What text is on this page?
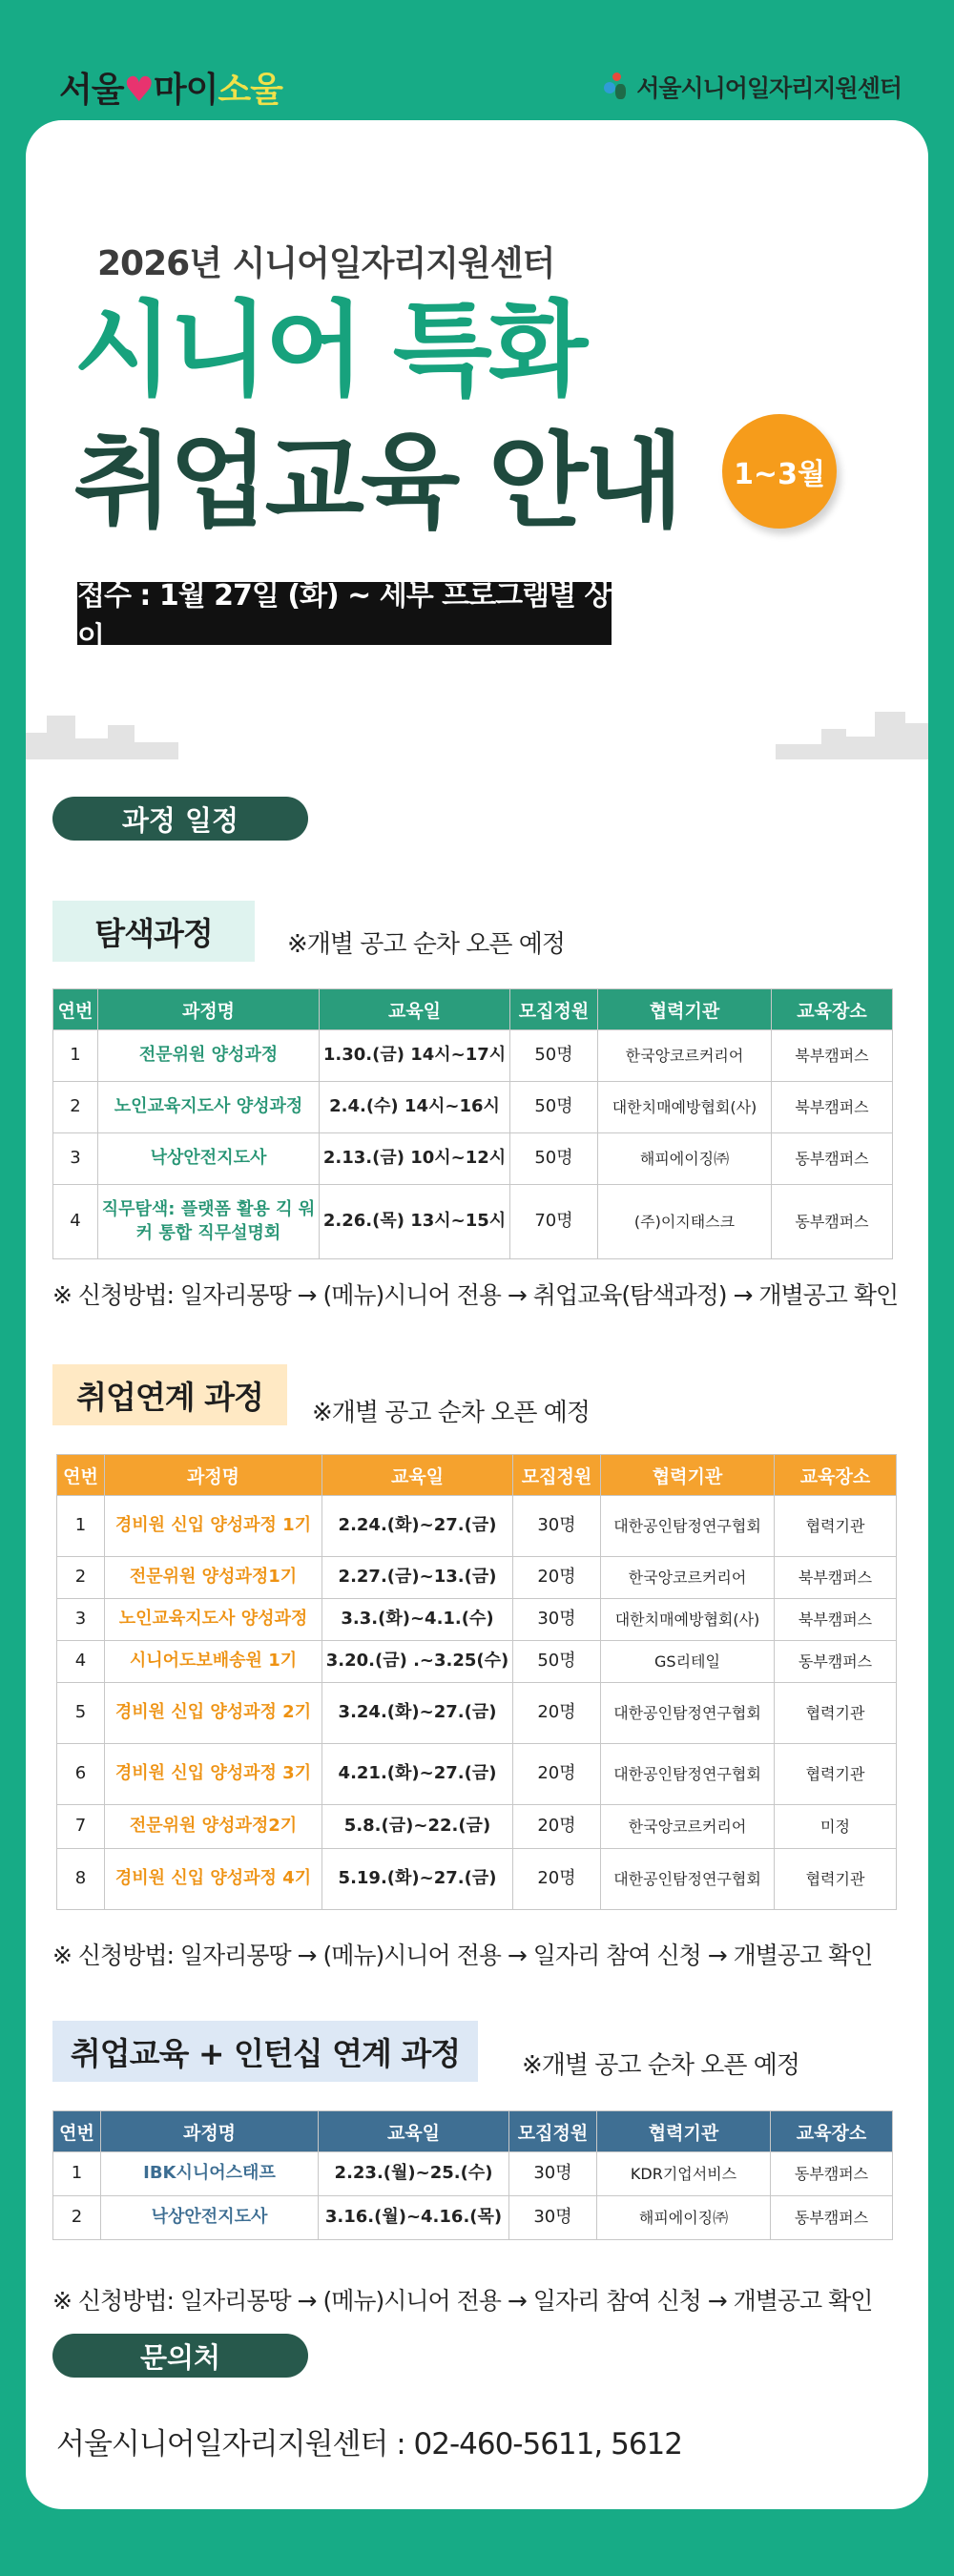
서울♥마이소울	서울시니어일자리지원센터
2026년 시니어일자리지원센터
시니어 특화
취업교육 안내	1~3월
접수 : 1월 27일 (화) ~ 세부 프로그램별 상이
과정 일정
탐색과정	※개별 공고 순차 오픈 예정
연번	과정명	교육일	모집정원	협력기관	교육장소
1	전문위원 양성과정	1.30.(금) 14시~17시	50명	한국앙코르커리어	북부캠퍼스
2	노인교육지도사 양성과정	2.4.(수) 14시~16시	50명	대한치매예방협회(사)	북부캠퍼스
3	낙상안전지도사	2.13.(금) 10시~12시	50명	해피에이징㈜	동부캠퍼스
4	직무탐색: 플랫폼 활용 긱 워커 통합 직무설명회	2.26.(목) 13시~15시	70명	(주)이지태스크	동부캠퍼스
※ 신청방법: 일자리몽땅 → (메뉴)시니어 전용 → 취업교육(탐색과정) → 개별공고 확인
취업연계 과정	※개별 공고 순차 오픈 예정
연번	과정명	교육일	모집정원	협력기관	교육장소
1	경비원 신입 양성과정 1기	2.24.(화)~27.(금)	30명	대한공인탐정연구협회	협력기관
2	전문위원 양성과정1기	2.27.(금)~13.(금)	20명	한국앙코르커리어	북부캠퍼스
3	노인교육지도사 양성과정	3.3.(화)~4.1.(수)	30명	대한치매예방협회(사)	북부캠퍼스
4	시니어도보배송원 1기	3.20.(금) .~3.25(수)	50명	GS리테일	동부캠퍼스
5	경비원 신입 양성과정 2기	3.24.(화)~27.(금)	20명	대한공인탐정연구협회	협력기관
6	경비원 신입 양성과정 3기	4.21.(화)~27.(금)	20명	대한공인탐정연구협회	협력기관
7	전문위원 양성과정2기	5.8.(금)~22.(금)	20명	한국앙코르커리어	미정
8	경비원 신입 양성과정 4기	5.19.(화)~27.(금)	20명	대한공인탐정연구협회	협력기관
※ 신청방법: 일자리몽땅 → (메뉴)시니어 전용 → 일자리 참여 신청 → 개별공고 확인
취업교육 + 인턴십 연계 과정	※개별 공고 순차 오픈 예정
연번	과정명	교육일	모집정원	협력기관	교육장소
1	IBK시니어스태프	2.23.(월)~25.(수)	30명	KDR기업서비스	동부캠퍼스
2	낙상안전지도사	3.16.(월)~4.16.(목)	30명	해피에이징㈜	동부캠퍼스
※ 신청방법: 일자리몽땅 → (메뉴)시니어 전용 → 일자리 참여 신청 → 개별공고 확인
문의처
서울시니어일자리지원센터 : 02-460-5611, 5612
